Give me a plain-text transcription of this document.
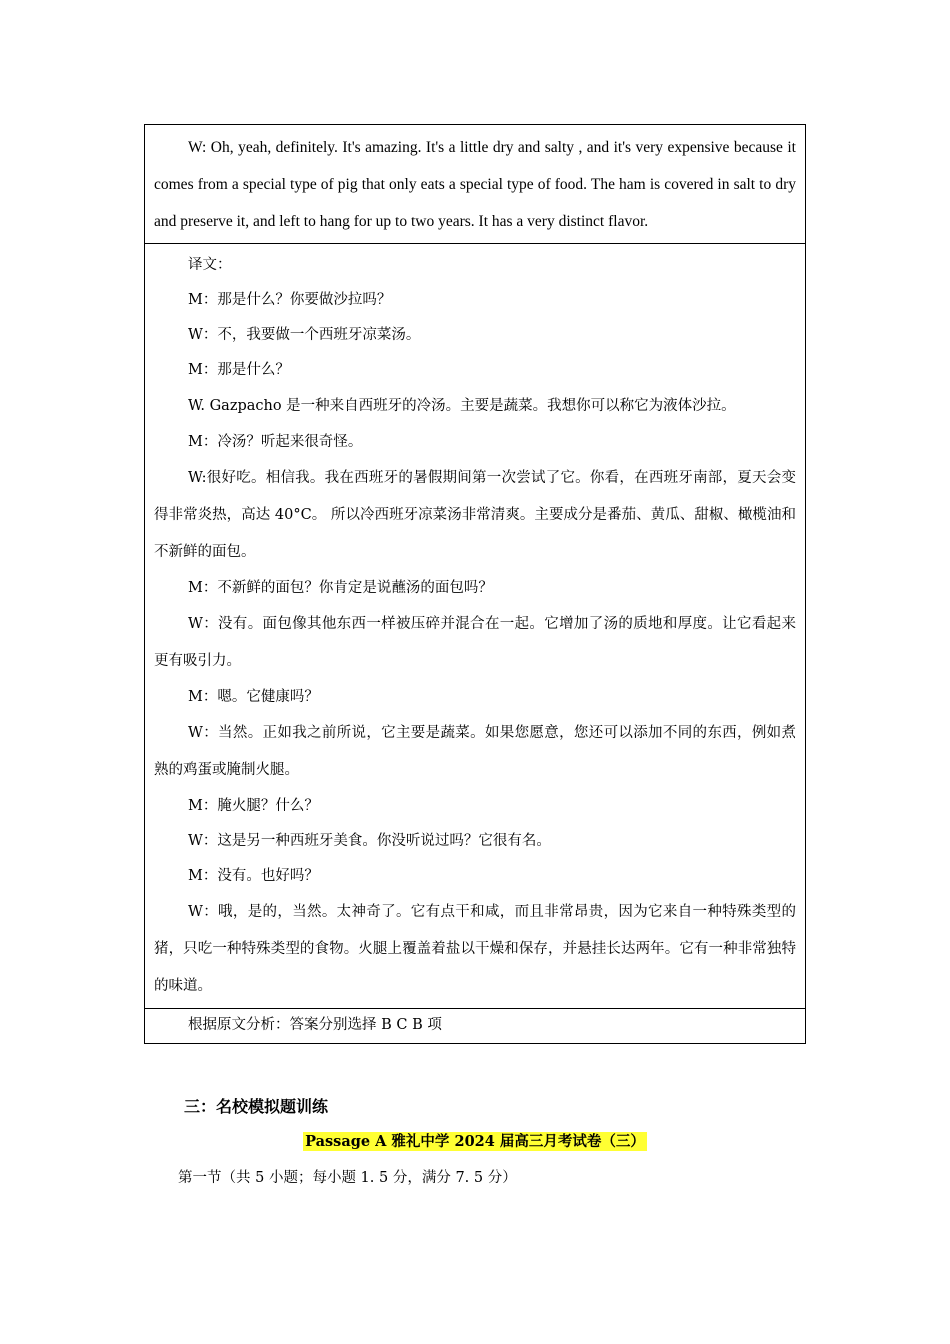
W: Oh, yeah, definitely. It's amazing. It's a little dry and salty , and it's very expensive because it comes from a special type of pig that only eats a special type of food. The ham is covered in salt to dry and preserve it, and left to hang for up to two years. It has a very distinct flavor.

译文：

M：那是什么？你要做沙拉吗？

W：不，我要做一个西班牙凉菜汤。

M：那是什么？

W. Gazpacho 是一种来自西班牙的冷汤。主要是蔬菜。我想你可以称它为液体沙拉。

M：冷汤？听起来很奇怪。

W:很好吃。相信我。我在西班牙的暑假期间第一次尝试了它。你看，在西班牙南部，夏天会变得非常炎热，高达 40°C。 所以冷西班牙凉菜汤非常清爽。主要成分是番茄、黄瓜、甜椒、橄榄油和不新鲜的面包。

M：不新鲜的面包？你肯定是说蘸汤的面包吗？

W：没有。面包像其他东西一样被压碎并混合在一起。它增加了汤的质地和厚度。让它看起来更有吸引力。

M：嗯。它健康吗？

W：当然。正如我之前所说，它主要是蔬菜。如果您愿意，您还可以添加不同的东西，例如煮熟的鸡蛋或腌制火腿。

M：腌火腿？什么？

W：这是另一种西班牙美食。你没听说过吗？它很有名。

M：没有。也好吗？

W：哦，是的，当然。太神奇了。它有点干和咸，而且非常昂贵，因为它来自一种特殊类型的猪，只吃一种特殊类型的食物。火腿上覆盖着盐以干燥和保存，并悬挂长达两年。它有一种非常独特的味道。

根据原文分析：答案分别选择 B C B 项

三：名校模拟题训练

Passage A 雅礼中学 2024 届高三月考试卷（三）

第一节（共 5 小题；每小题 1. 5 分，满分 7. 5 分）
